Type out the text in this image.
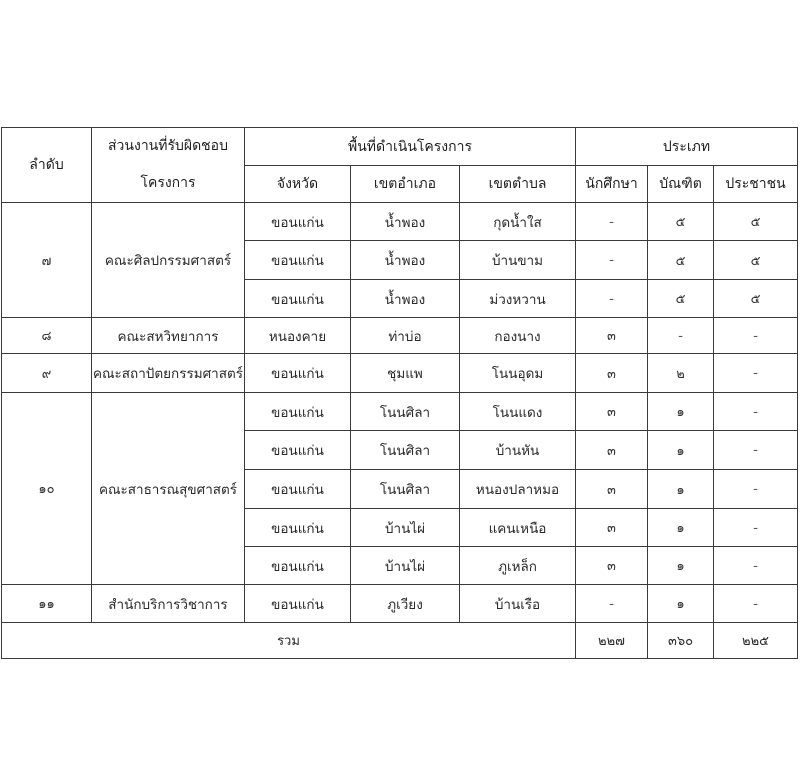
ลำดับ	ส่วนงานที่รับผิดชอบ
โครงการ	พื้นที่ดำเนินโครงการ			ประเภท		
		จังหวัด	เขตอำเภอ	เขตตำบล	นักศึกษา	บัณฑิต	ประชาชน
๗	คณะศิลปกรรมศาสตร์	ขอนแก่น	น้ำพอง	กุดน้ำใส	-	๕	๕
		ขอนแก่น	น้ำพอง	บ้านขาม	-	๕	๕
		ขอนแก่น	น้ำพอง	ม่วงหวาน	-	๕	๕
๘	คณะสหวิทยาการ	หนองคาย	ท่าบ่อ	กองนาง	๓	-	-
๙	คณะสถาปัตยกรรมศาสตร์	ขอนแก่น	ชุมแพ	โนนอุดม	๓	๒	-
๑๐	คณะสาธารณสุขศาสตร์	ขอนแก่น	โนนศิลา	โนนแดง	๓	๑	-
		ขอนแก่น	โนนศิลา	บ้านหัน	๓	๑	-
		ขอนแก่น	โนนศิลา	หนองปลาหมอ	๓	๑	-
		ขอนแก่น	บ้านไผ่	แคนเหนือ	๓	๑	-
		ขอนแก่น	บ้านไผ่	ภูเหล็ก	๓	๑	-
๑๑	สำนักบริการวิชาการ	ขอนแก่น	ภูเวียง	บ้านเรือ	-	๑	-
รวม					๒๒๗	๓๖๐	๒๒๕
